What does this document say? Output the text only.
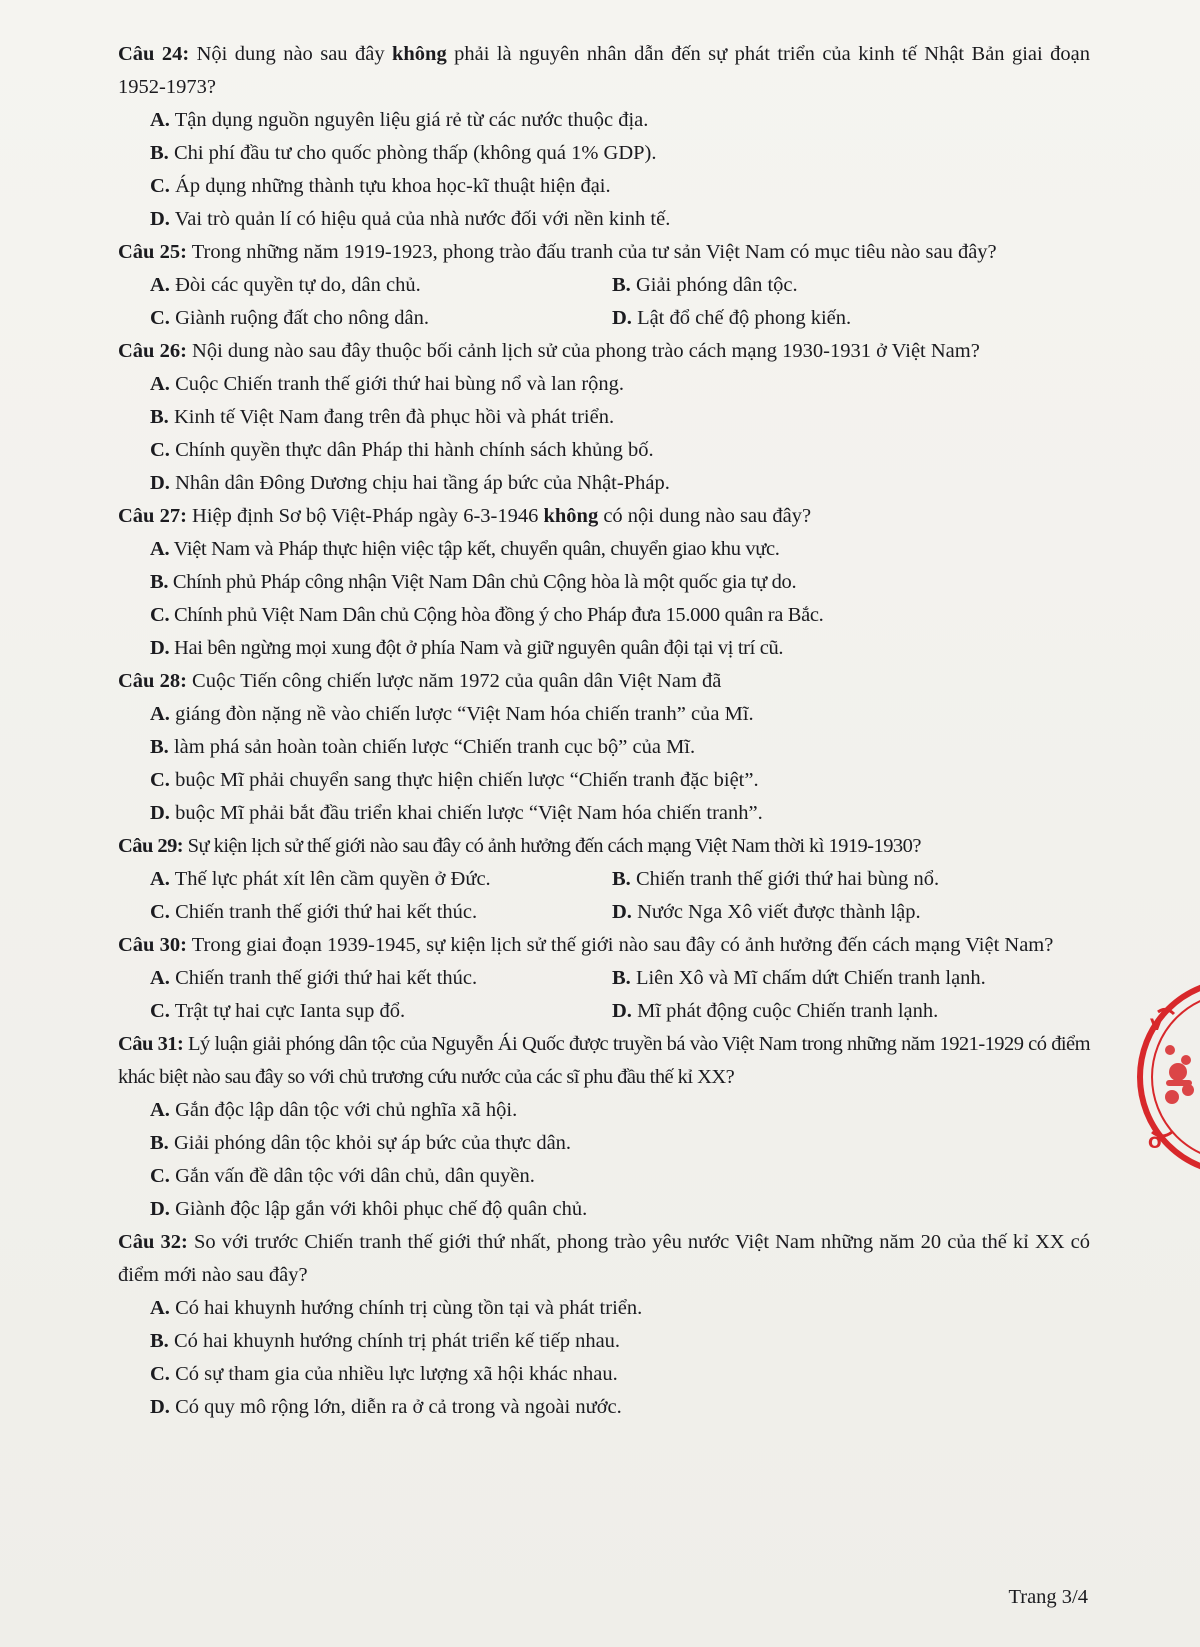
Câu 24: Nội dung nào sau đây không phải là nguyên nhân dẫn đến sự phát triển của kinh tế Nhật Bản giai đoạn 1952-1973?

A. Tận dụng nguồn nguyên liệu giá rẻ từ các nước thuộc địa.

B. Chi phí đầu tư cho quốc phòng thấp (không quá 1% GDP).

C. Áp dụng những thành tựu khoa học-kĩ thuật hiện đại.

D. Vai trò quản lí có hiệu quả của nhà nước đối với nền kinh tế.

Câu 25: Trong những năm 1919-1923, phong trào đấu tranh của tư sản Việt Nam có mục tiêu nào sau đây?

A. Đòi các quyền tự do, dân chủ.	B. Giải phóng dân tộc.

C. Giành ruộng đất cho nông dân.	D. Lật đổ chế độ phong kiến.

Câu 26: Nội dung nào sau đây thuộc bối cảnh lịch sử của phong trào cách mạng 1930-1931 ở Việt Nam?

A. Cuộc Chiến tranh thế giới thứ hai bùng nổ và lan rộng.

B. Kinh tế Việt Nam đang trên đà phục hồi và phát triển.

C. Chính quyền thực dân Pháp thi hành chính sách khủng bố.

D. Nhân dân Đông Dương chịu hai tầng áp bức của Nhật-Pháp.

Câu 27: Hiệp định Sơ bộ Việt-Pháp ngày 6-3-1946 không có nội dung nào sau đây?

A. Việt Nam và Pháp thực hiện việc tập kết, chuyển quân, chuyển giao khu vực.

B. Chính phủ Pháp công nhận Việt Nam Dân chủ Cộng hòa là một quốc gia tự do.

C. Chính phủ Việt Nam Dân chủ Cộng hòa đồng ý cho Pháp đưa 15.000 quân ra Bắc.

D. Hai bên ngừng mọi xung đột ở phía Nam và giữ nguyên quân đội tại vị trí cũ.

Câu 28: Cuộc Tiến công chiến lược năm 1972 của quân dân Việt Nam đã

A. giáng đòn nặng nề vào chiến lược “Việt Nam hóa chiến tranh” của Mĩ.

B. làm phá sản hoàn toàn chiến lược “Chiến tranh cục bộ” của Mĩ.

C. buộc Mĩ phải chuyển sang thực hiện chiến lược “Chiến tranh đặc biệt”.

D. buộc Mĩ phải bắt đầu triển khai chiến lược “Việt Nam hóa chiến tranh”.

Câu 29: Sự kiện lịch sử thế giới nào sau đây có ảnh hưởng đến cách mạng Việt Nam thời kì 1919-1930?

A. Thế lực phát xít lên cầm quyền ở Đức.	B. Chiến tranh thế giới thứ hai bùng nổ.

C. Chiến tranh thế giới thứ hai kết thúc.	D. Nước Nga Xô viết được thành lập.

Câu 30: Trong giai đoạn 1939-1945, sự kiện lịch sử thế giới nào sau đây có ảnh hưởng đến cách mạng Việt Nam?

A. Chiến tranh thế giới thứ hai kết thúc.	B. Liên Xô và Mĩ chấm dứt Chiến tranh lạnh.

C. Trật tự hai cực Ianta sụp đổ.	D. Mĩ phát động cuộc Chiến tranh lạnh.

Câu 31: Lý luận giải phóng dân tộc của Nguyễn Ái Quốc được truyền bá vào Việt Nam trong những năm 1921-1929 có điểm khác biệt nào sau đây so với chủ trương cứu nước của các sĩ phu đầu thế kỉ XX?

A. Gắn độc lập dân tộc với chủ nghĩa xã hội.

B. Giải phóng dân tộc khỏi sự áp bức của thực dân.

C. Gắn vấn đề dân tộc với dân chủ, dân quyền.

D. Giành độc lập gắn với khôi phục chế độ quân chủ.

Câu 32: So với trước Chiến tranh thế giới thứ nhất, phong trào yêu nước Việt Nam những năm 20 của thế kỉ XX có điểm mới nào sau đây?

A. Có hai khuynh hướng chính trị cùng tồn tại và phát triển.

B. Có hai khuynh hướng chính trị phát triển kế tiếp nhau.

C. Có sự tham gia của nhiều lực lượng xã hội khác nhau.

D. Có quy mô rộng lớn, diễn ra ở cả trong và ngoài nước.

Trang 3/4
V
O
